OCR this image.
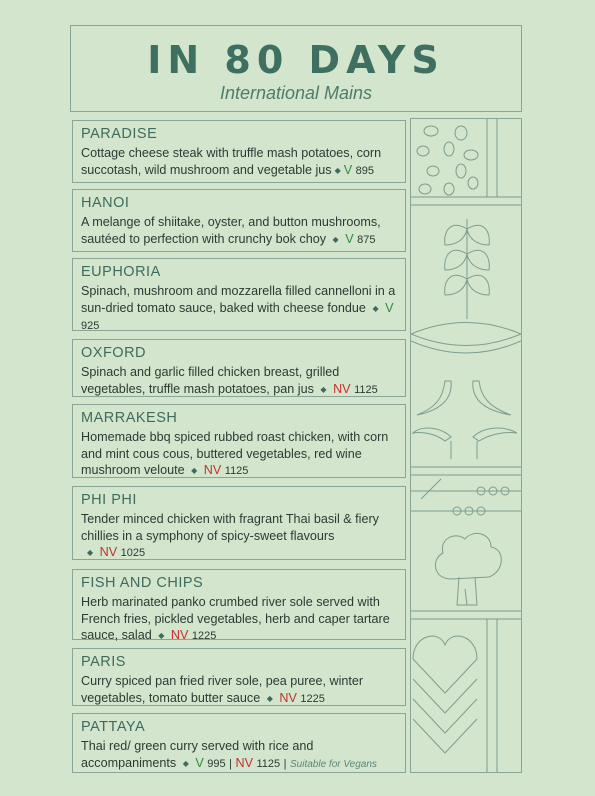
IN 80 DAYS
International Mains
PARADISE
Cottage cheese steak with truffle mash potatoes, corn succotash, wild mushroom and vegetable jus ◆ V 895
HANOI
A melange of shiitake, oyster, and button mushrooms, sautéed to perfection with crunchy bok choy ◆ V 875
EUPHORIA
Spinach, mushroom and mozzarella filled cannelloni in a sun-dried tomato sauce, baked with cheese fondue ◆ V 925
OXFORD
Spinach and garlic filled chicken breast, grilled vegetables, truffle mash potatoes, pan jus ◆ NV 1125
MARRAKESH
Homemade bbq spiced rubbed roast chicken, with corn and mint cous cous, buttered vegetables, red wine mushroom veloute ◆ NV 1125
PHI PHI
Tender minced chicken with fragrant Thai basil & fiery chillies in a symphony of spicy-sweet flavours
◆ NV 1025
FISH AND CHIPS
Herb marinated panko crumbed river sole served with French fries, pickled vegetables, herb and caper tartare sauce, salad ◆ NV 1225
PARIS
Curry spiced pan fried river sole, pea puree, winter vegetables, tomato butter sauce ◆ NV 1225
PATTAYA
Thai red/ green curry served with rice and accompaniments ◆ V 995 | NV 1125 | Suitable for Vegans
